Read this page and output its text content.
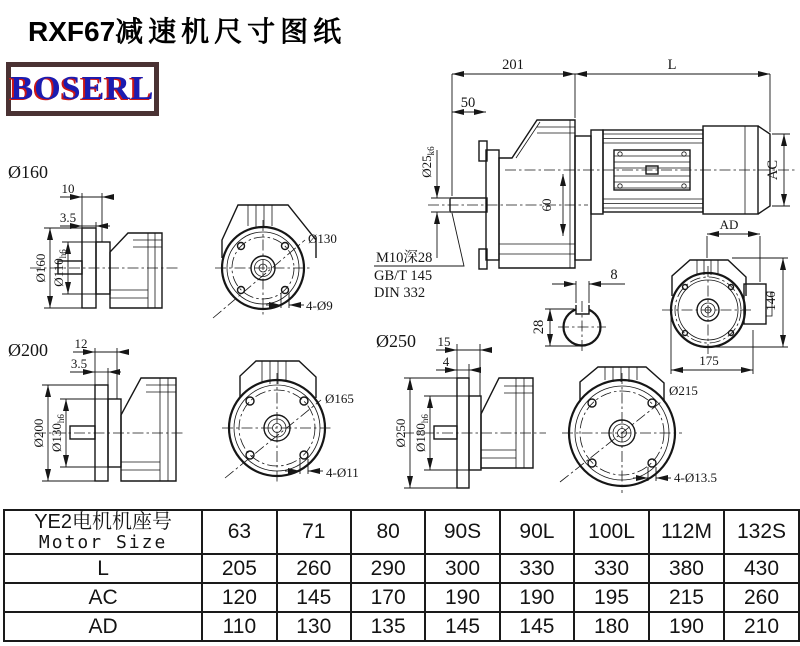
RXF67减速机尺寸图纸
BOSERL
201	L
50
$Ø25_{k6}$
60
AC
M10深28
GB/T 145
DIN 332
Ø160
10
3.5
Ø160 $Ø110_{h6}$
Ø130
4-Ø9
8
28
AD
146
175
Ø200 12
3.5
Ø200 $Ø130_{h6}$
Ø165
4-Ø11
Ø250 15
4
Ø250 $Ø180_{h6}$
Ø215
4-Ø13.5
YE2电机机座号
Motor Size	63	71	80	90S	90L	100L	112M	132S
L	205	260	290	300	330	330	380	430
AC	120	145	170	190	190	195	215	260
AD	110	130	135	145	145	180	190	210
